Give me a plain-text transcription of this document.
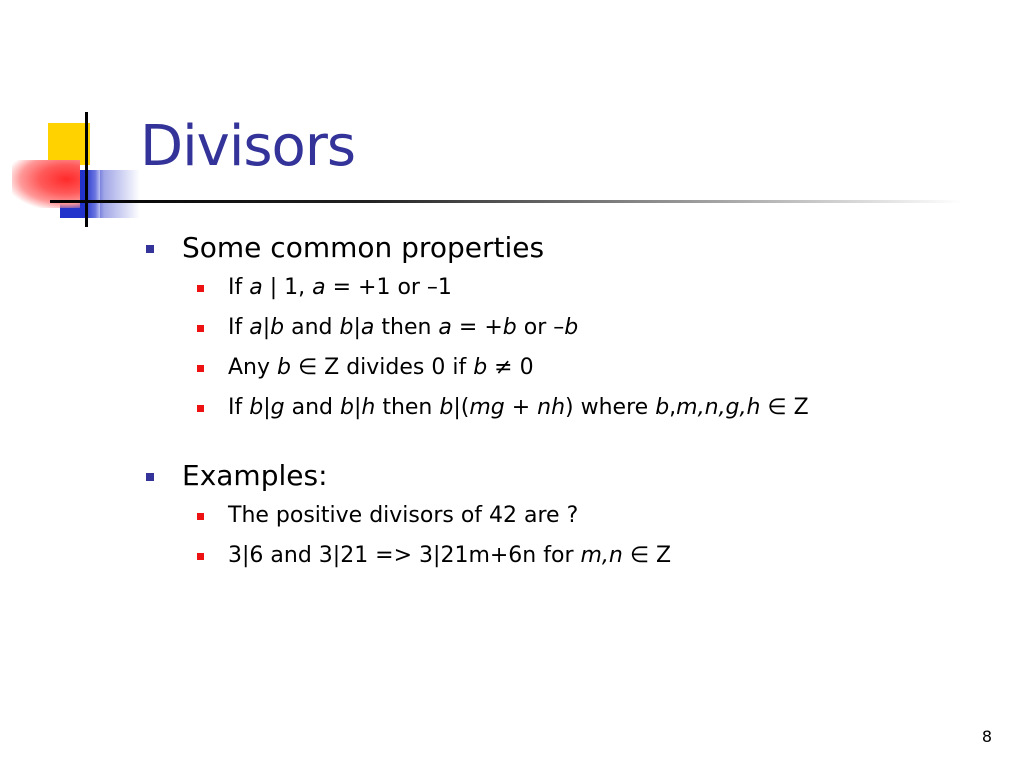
Divisors
Some common properties
If a | 1, a = +1 or –1
If a|b and b|a then a = +b or –b
Any b ∈ Z divides 0 if b ≠ 0
If b|g and b|h then b|(mg + nh) where b,m,n,g,h ∈ Z
Examples:
The positive divisors of 42 are ?
3|6 and 3|21 => 3|21m+6n for m,n ∈ Z
8
